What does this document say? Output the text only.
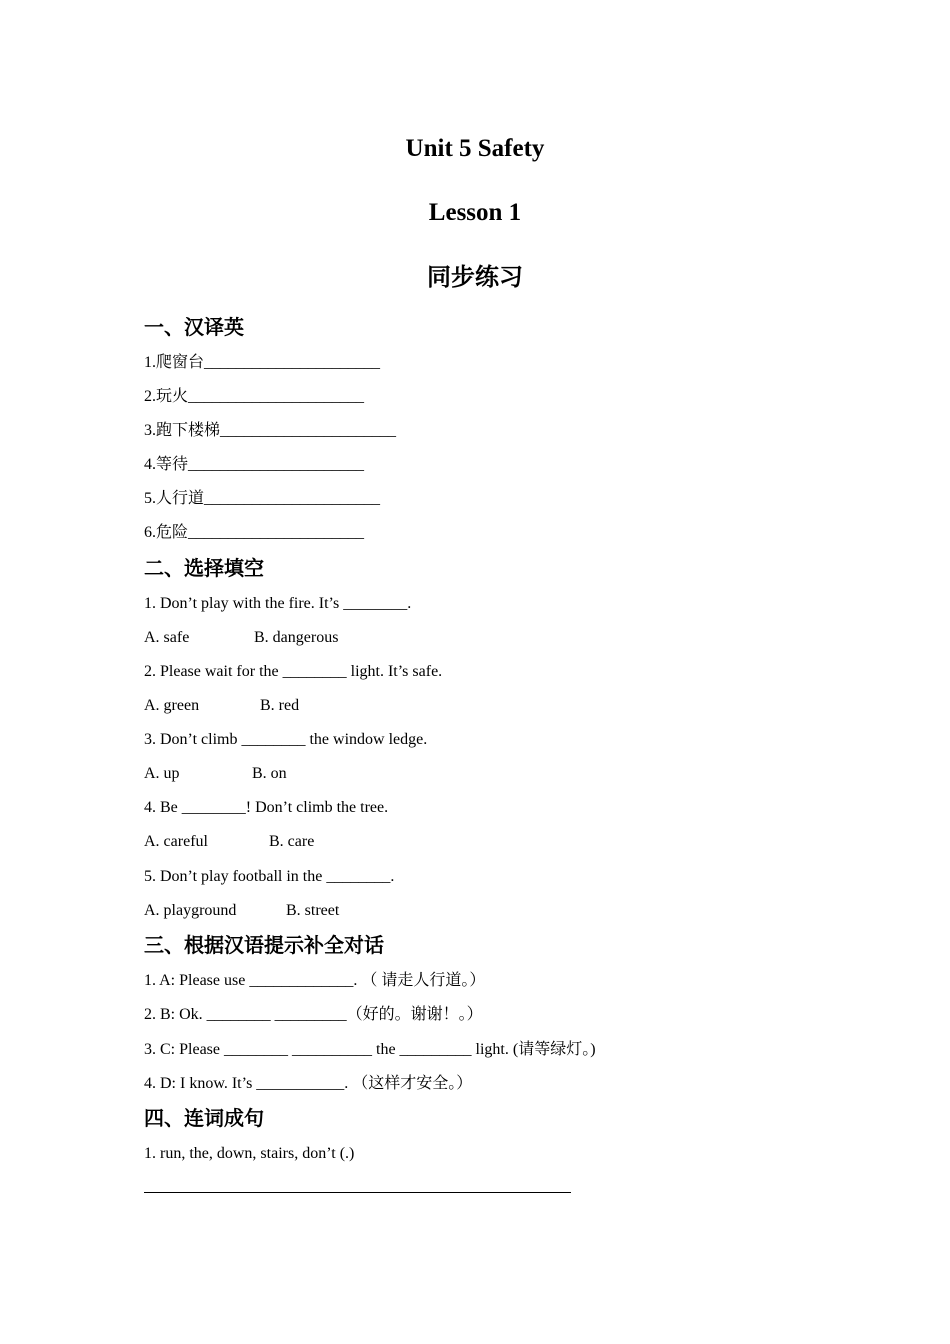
Unit 5 Safety
Lesson 1
同步练习
一、汉译英
1.爬窗台______________________
2.玩火______________________
3.跑下楼梯______________________
4.等待______________________
5.人行道______________________
6.危险______________________
二、选择填空
1. Don’t play with the fire. It’s ________.
A. safe	B. dangerous
2. Please wait for the ________ light. It’s safe.
A. green	B. red
3. Don’t climb ________ the window ledge.
A. up	B. on
4. Be ________! Don’t climb the tree.
A. careful	B. care
5. Don’t play football in the ________.
A. playground	B. street
三、根据汉语提示补全对话
1. A: Please use _____________. （ 请走人行道。）
2. B: Ok. ________ _________（好的。谢谢！。）
3. C: Please ________ __________ the _________ light. (请等绿灯。)
4. D: I know. It’s ___________. （这样才安全。）
四、连词成句
1. run, the, down, stairs, don’t (.)
